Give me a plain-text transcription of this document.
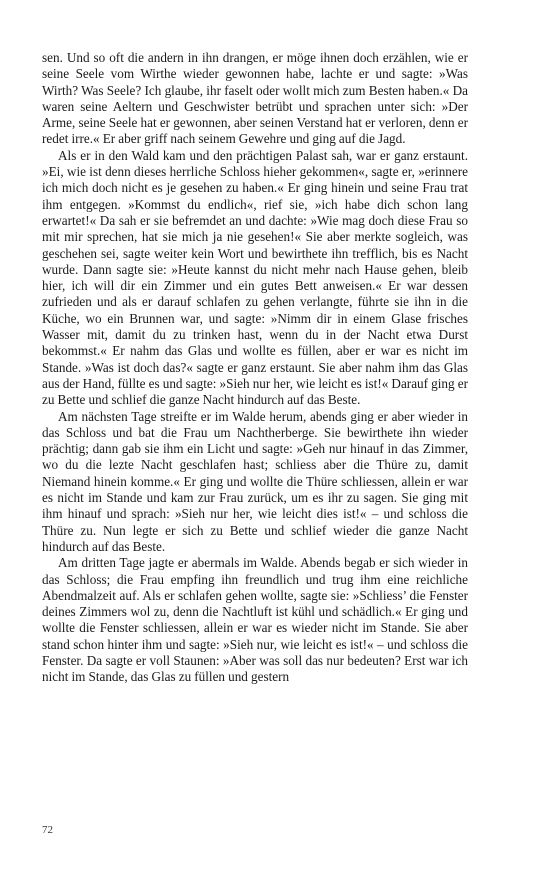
sen. Und so oft die andern in ihn drangen, er möge ihnen doch erzählen, wie er seine Seele vom Wirthe wieder gewonnen habe, lachte er und sagte: »Was Wirth? Was Seele? Ich glaube, ihr faselt oder wollt mich zum Besten haben.« Da waren seine Aeltern und Geschwister betrübt und sprachen unter sich: »Der Arme, seine Seele hat er gewonnen, aber seinen Verstand hat er verloren, denn er redet irre.« Er aber griff nach seinem Gewehre und ging auf die Jagd.

Als er in den Wald kam und den prächtigen Palast sah, war er ganz erstaunt. »Ei, wie ist denn dieses herrliche Schloss hieher gekommen«, sagte er, »erinnere ich mich doch nicht es je gesehen zu haben.« Er ging hinein und seine Frau trat ihm entgegen. »Kommst du endlich«, rief sie, »ich habe dich schon lang erwartet!« Da sah er sie befremdet an und dachte: »Wie mag doch diese Frau so mit mir sprechen, hat sie mich ja nie gesehen!« Sie aber merkte sogleich, was geschehen sei, sagte weiter kein Wort und bewirthete ihn trefflich, bis es Nacht wurde. Dann sagte sie: »Heute kannst du nicht mehr nach Hause gehen, bleib hier, ich will dir ein Zimmer und ein gutes Bett anweisen.« Er war dessen zufrieden und als er darauf schlafen zu gehen verlangte, führte sie ihn in die Küche, wo ein Brunnen war, und sagte: »Nimm dir in einem Glase frisches Wasser mit, damit du zu trinken hast, wenn du in der Nacht etwa Durst bekommst.« Er nahm das Glas und wollte es füllen, aber er war es nicht im Stande. »Was ist doch das?« sagte er ganz erstaunt. Sie aber nahm ihm das Glas aus der Hand, füllte es und sagte: »Sieh nur her, wie leicht es ist!« Darauf ging er zu Bette und schlief die ganze Nacht hindurch auf das Beste.

Am nächsten Tage streifte er im Walde herum, abends ging er aber wieder in das Schloss und bat die Frau um Nachtherberge. Sie bewirthete ihn wieder prächtig; dann gab sie ihm ein Licht und sagte: »Geh nur hinauf in das Zimmer, wo du die lezte Nacht geschlafen hast; schliess aber die Thüre zu, damit Niemand hinein komme.« Er ging und wollte die Thüre schliessen, allein er war es nicht im Stande und kam zur Frau zurück, um es ihr zu sagen. Sie ging mit ihm hinauf und sprach: »Sieh nur her, wie leicht dies ist!« – und schloss die Thüre zu. Nun legte er sich zu Bette und schlief wieder die ganze Nacht hindurch auf das Beste.

Am dritten Tage jagte er abermals im Walde. Abends begab er sich wieder in das Schloss; die Frau empfing ihn freundlich und trug ihm eine reichliche Abendmalzeit auf. Als er schlafen gehen wollte, sagte sie: »Schliess’ die Fenster deines Zimmers wol zu, denn die Nachtluft ist kühl und schädlich.« Er ging und wollte die Fenster schliessen, allein er war es wieder nicht im Stande. Sie aber stand schon hinter ihm und sagte: »Sieh nur, wie leicht es ist!« – und schloss die Fenster. Da sagte er voll Staunen: »Aber was soll das nur bedeuten? Erst war ich nicht im Stande, das Glas zu füllen und gestern

72
